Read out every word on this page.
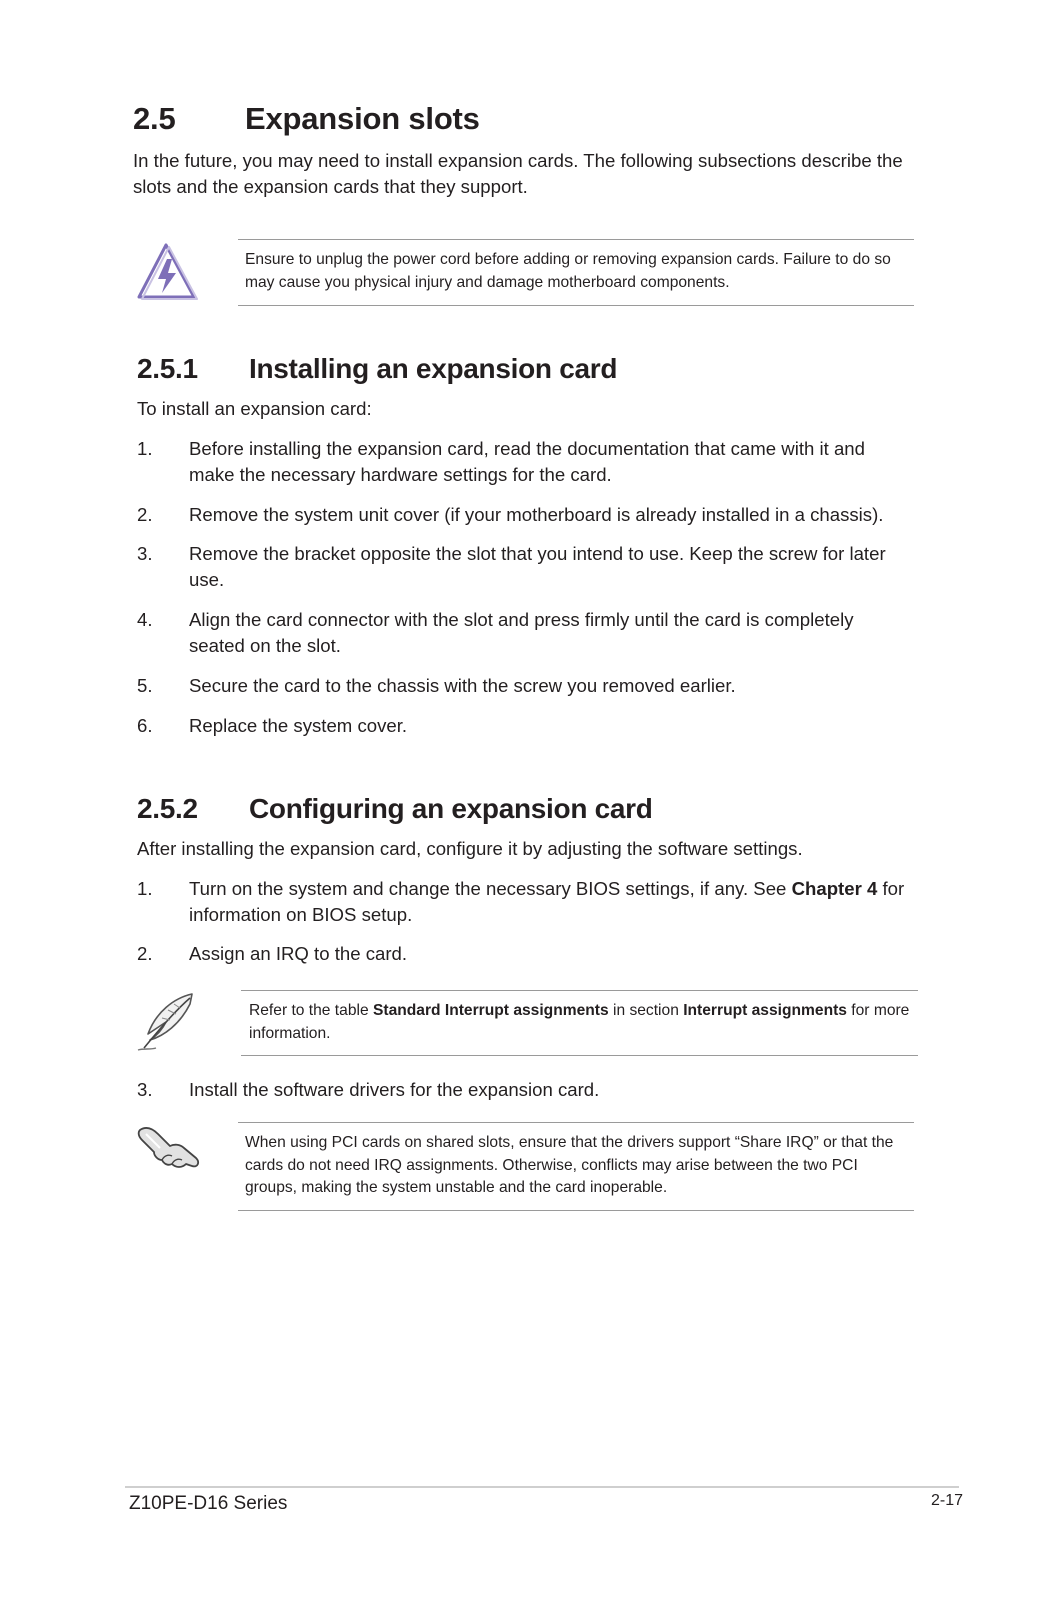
2.5 Expansion slots
In the future, you may need to install expansion cards. The following subsections describe the slots and the expansion cards that they support.
Ensure to unplug the power cord before adding or removing expansion cards. Failure to do so may cause you physical injury and damage motherboard components.
2.5.1 Installing an expansion card
To install an expansion card:
1. Before installing the expansion card, read the documentation that came with it and make the necessary hardware settings for the card.
2. Remove the system unit cover (if your motherboard is already installed in a chassis).
3. Remove the bracket opposite the slot that you intend to use. Keep the screw for later use.
4. Align the card connector with the slot and press firmly until the card is completely seated on the slot.
5. Secure the card to the chassis with the screw you removed earlier.
6. Replace the system cover.
2.5.2 Configuring an expansion card
After installing the expansion card, configure it by adjusting the software settings.
1. Turn on the system and change the necessary BIOS settings, if any. See Chapter 4 for information on BIOS setup.
2. Assign an IRQ to the card.
Refer to the table Standard Interrupt assignments in section Interrupt assignments for more information.
3. Install the software drivers for the expansion card.
When using PCI cards on shared slots, ensure that the drivers support “Share IRQ” or that the cards do not need IRQ assignments. Otherwise, conflicts may arise between the two PCI groups, making the system unstable and the card inoperable.
Z10PE-D16 Series	2-17
